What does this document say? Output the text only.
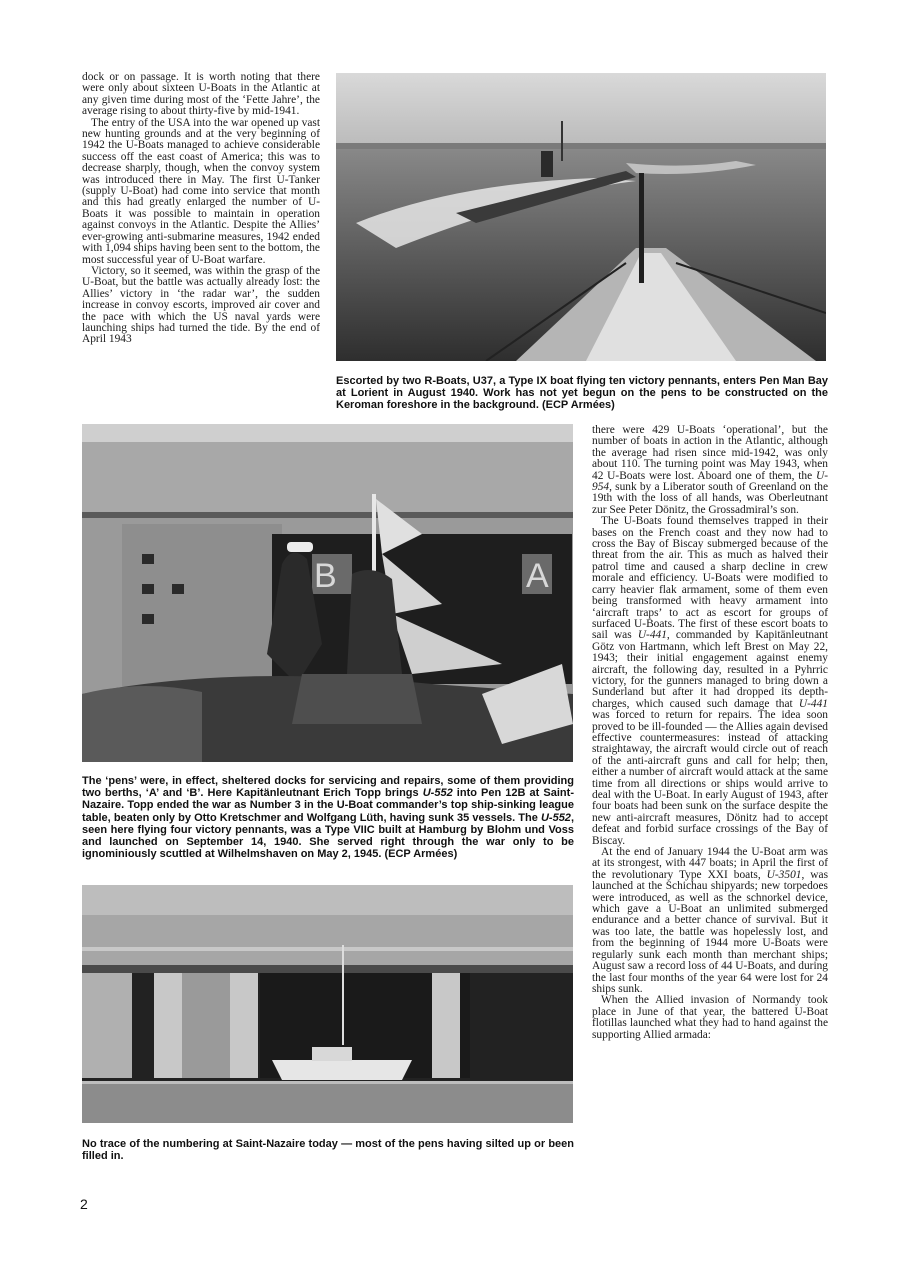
dock or on passage. It is worth noting that there were only about sixteen U-Boats in the Atlantic at any given time during most of the ‘Fette Jahre’, the average rising to about thirty-five by mid-1941.

The entry of the USA into the war opened up vast new hunting grounds and at the very beginning of 1942 the U-Boats managed to achieve considerable success off the east coast of America; this was to decrease sharply, though, when the convoy system was introduced there in May. The first U-Tanker (supply U-Boat) had come into service that month and this had greatly enlarged the number of U-Boats it was possible to maintain in operation against convoys in the Atlantic. Despite the Allies’ ever-growing anti-submarine measures, 1942 ended with 1,094 ships having been sent to the bottom, the most successful year of U-Boat warfare.

Victory, so it seemed, was within the grasp of the U-Boat, but the battle was actually already lost: the Allies’ victory in ‘the radar war’, the sudden increase in convoy escorts, improved air cover and the pace with which the US naval yards were launching ships had turned the tide. By the end of April 1943

Escorted by two R-Boats, U37, a Type IX boat flying ten victory pennants, enters Pen Man Bay at Lorient in August 1940. Work has not yet begun on the pens to be constructed on the Keroman foreshore in the background. (ECP Armées)
B	A
The ‘pens’ were, in effect, sheltered docks for servicing and repairs, some of them providing two berths, ‘A’ and ‘B’. Here Kapitänleutnant Erich Topp brings U-552 into Pen 12B at Saint-Nazaire. Topp ended the war as Number 3 in the U-Boat commander’s top ship-sinking league table, beaten only by Otto Kretschmer and Wolfgang Lüth, having sunk 35 vessels. The U-552, seen here flying four victory pennants, was a Type VIIC built at Hamburg by Blohm und Voss and launched on September 14, 1940. She served right through the war only to be ignominiously scuttled at Wilhelmshaven on May 2, 1945. (ECP Armées)
No trace of the numbering at Saint-Nazaire today — most of the pens having silted up or been filled in.

there were 429 U-Boats ‘operational’, but the number of boats in action in the Atlantic, although the average had risen since mid-1942, was only about 110. The turning point was May 1943, when 42 U-Boats were lost. Aboard one of them, the U-954, sunk by a Liberator south of Greenland on the 19th with the loss of all hands, was Oberleutnant zur See Peter Dönitz, the Grossadmiral’s son.

The U-Boats found themselves trapped in their bases on the French coast and they now had to cross the Bay of Biscay submerged because of the threat from the air. This as much as halved their patrol time and caused a sharp decline in crew morale and efficiency. U-Boats were modified to carry heavier flak armament, some of them even being transformed with heavy armament into ‘aircraft traps’ to act as escort for groups of surfaced U-Boats. The first of these escort boats to sail was U-441, commanded by Kapitänleutnant Götz von Hartmann, which left Brest on May 22, 1943; their initial engagement against enemy aircraft, the following day, resulted in a Pyhrric victory, for the gunners managed to bring down a Sunderland but after it had dropped its depth-charges, which caused such damage that U-441 was forced to return for repairs. The idea soon proved to be ill-founded — the Allies again devised effective countermeasures: instead of attacking straightaway, the aircraft would circle out of reach of the anti-aircraft guns and call for help; then, either a number of aircraft would attack at the same time from all directions or ships would arrive to deal with the U-Boat. In early August of 1943, after four boats had been sunk on the surface despite the new anti-aircraft measures, Dönitz had to accept defeat and forbid surface crossings of the Bay of Biscay.

At the end of January 1944 the U-Boat arm was at its strongest, with 447 boats; in April the first of the revolutionary Type XXI boats, U-3501, was launched at the Schichau shipyards; new torpedoes were introduced, as well as the schnorkel device, which gave a U-Boat an unlimited submerged endurance and a better chance of survival. But it was too late, the battle was hopelessly lost, and from the beginning of 1944 more U-Boats were regularly sunk each month than merchant ships; August saw a record loss of 44 U-Boats, and during the last four months of the year 64 were lost for 24 ships sunk.

When the Allied invasion of Normandy took place in June of that year, the battered U-Boat flotillas launched what they had to hand against the supporting Allied armada:

2
